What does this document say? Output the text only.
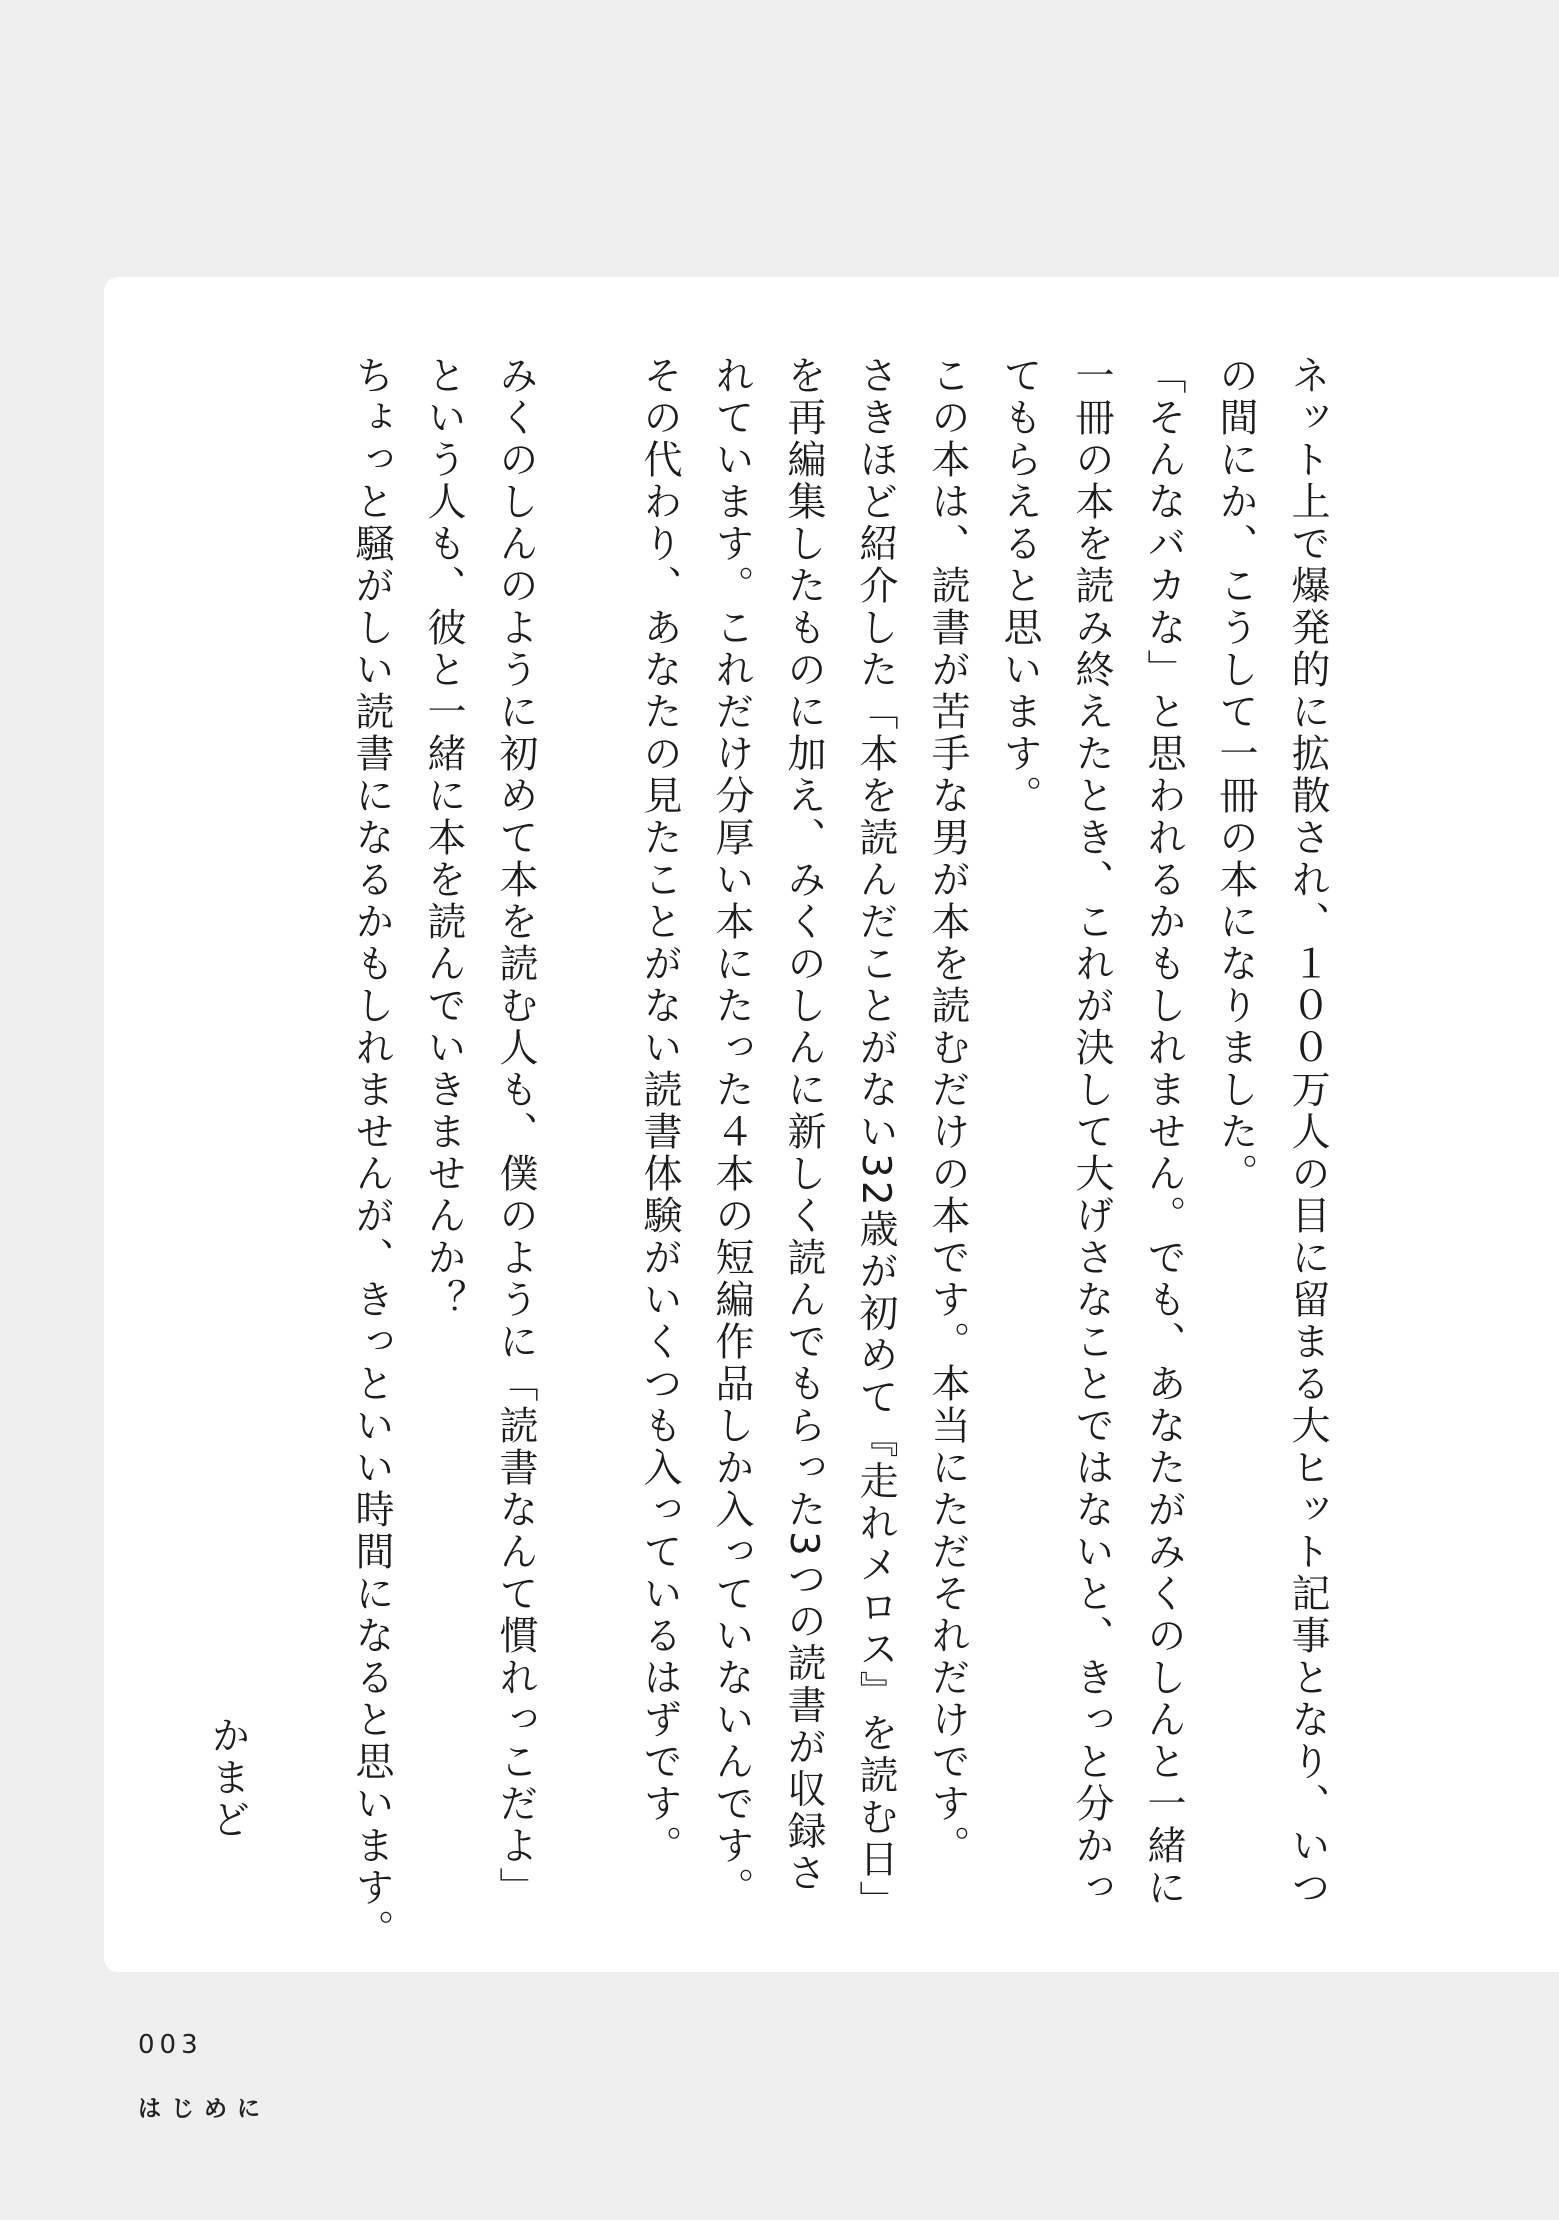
ネット上で爆発的に拡散され、１００万人の目に留まる大ヒット記事となり、いつ
の間にか、こうして一冊の本になりました。
「そんなバカな」と思われるかもしれません。でも、あなたがみくのしんと一緒に
一冊の本を読み終えたとき、これが決して大げさなことではないと、きっと分かっ
てもらえると思います。
この本は、読書が苦手な男が本を読むだけの本です。本当にただそれだけです。
さきほど紹介した「本を読んだことがない32歳が初めて『走れメロス』を読む日」
を再編集したものに加え、みくのしんに新しく読んでもらった3つの読書が収録さ
れています。これだけ分厚い本にたった４本の短編作品しか入っていないんです。
その代わり、あなたの見たことがない読書体験がいくつも入っているはずです。
みくのしんのように初めて本を読む人も、僕のように「読書なんて慣れっこだよ」
という人も、彼と一緒に本を読んでいきませんか？
ちょっと騒がしい読書になるかもしれませんが、きっといい時間になると思います。
かまど
003
はじめに
